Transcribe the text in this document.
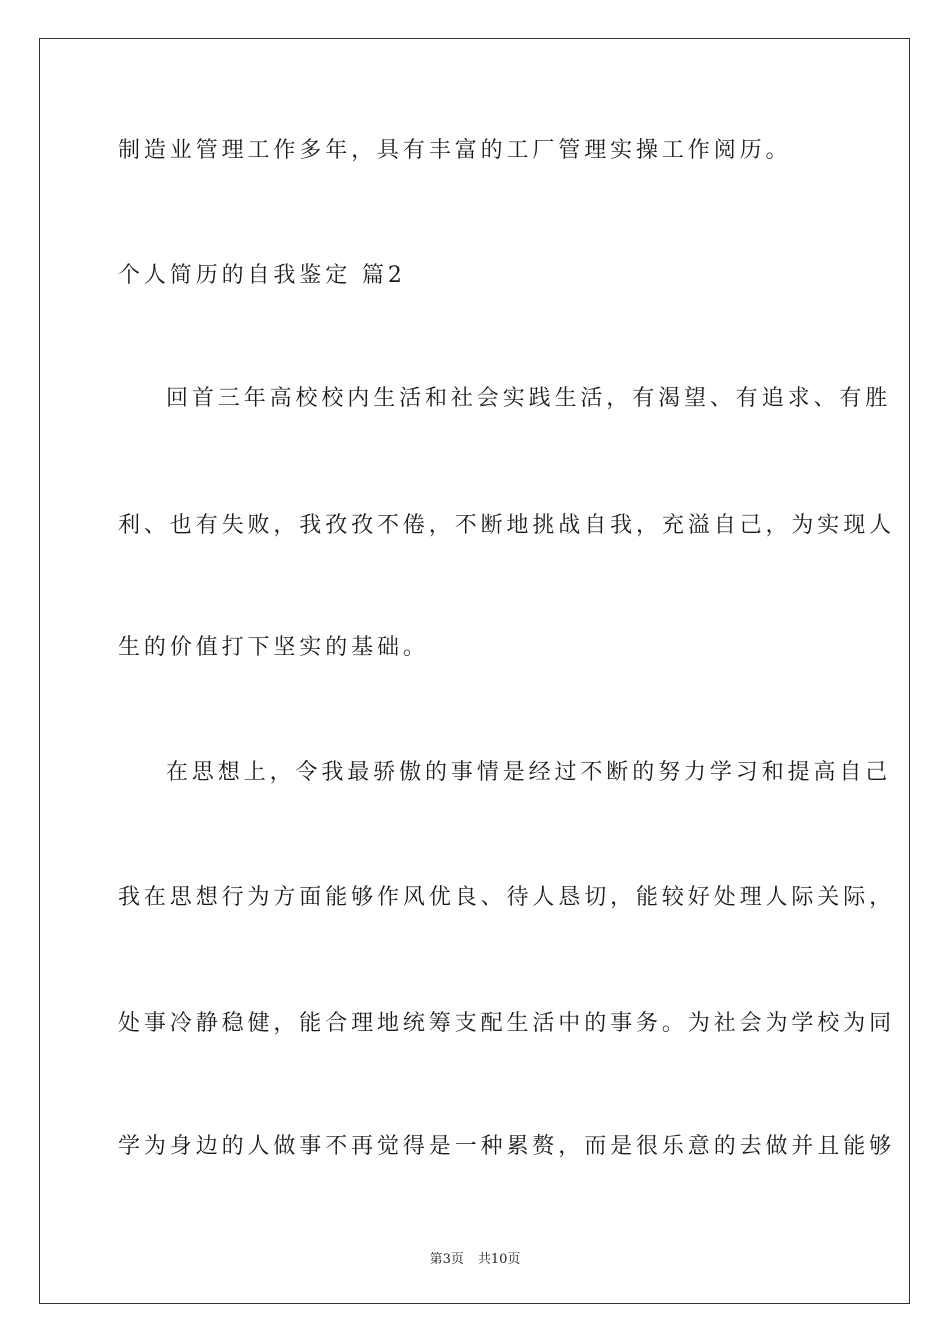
制造业管理工作多年，具有丰富的工厂管理实操工作阅历。
个人简历的自我鉴定 篇2
回首三年高校校内生活和社会实践生活，有渴望、有追求、有胜
利、也有失败，我孜孜不倦，不断地挑战自我，充溢自己，为实现人
生的价值打下坚实的基础。
在思想上，令我最骄傲的事情是经过不断的努力学习和提高自己
我在思想行为方面能够作风优良、待人恳切，能较好处理人际关际，
处事冷静稳健，能合理地统筹支配生活中的事务。为社会为学校为同
学为身边的人做事不再觉得是一种累赘，而是很乐意的去做并且能够
第3页 共10页
